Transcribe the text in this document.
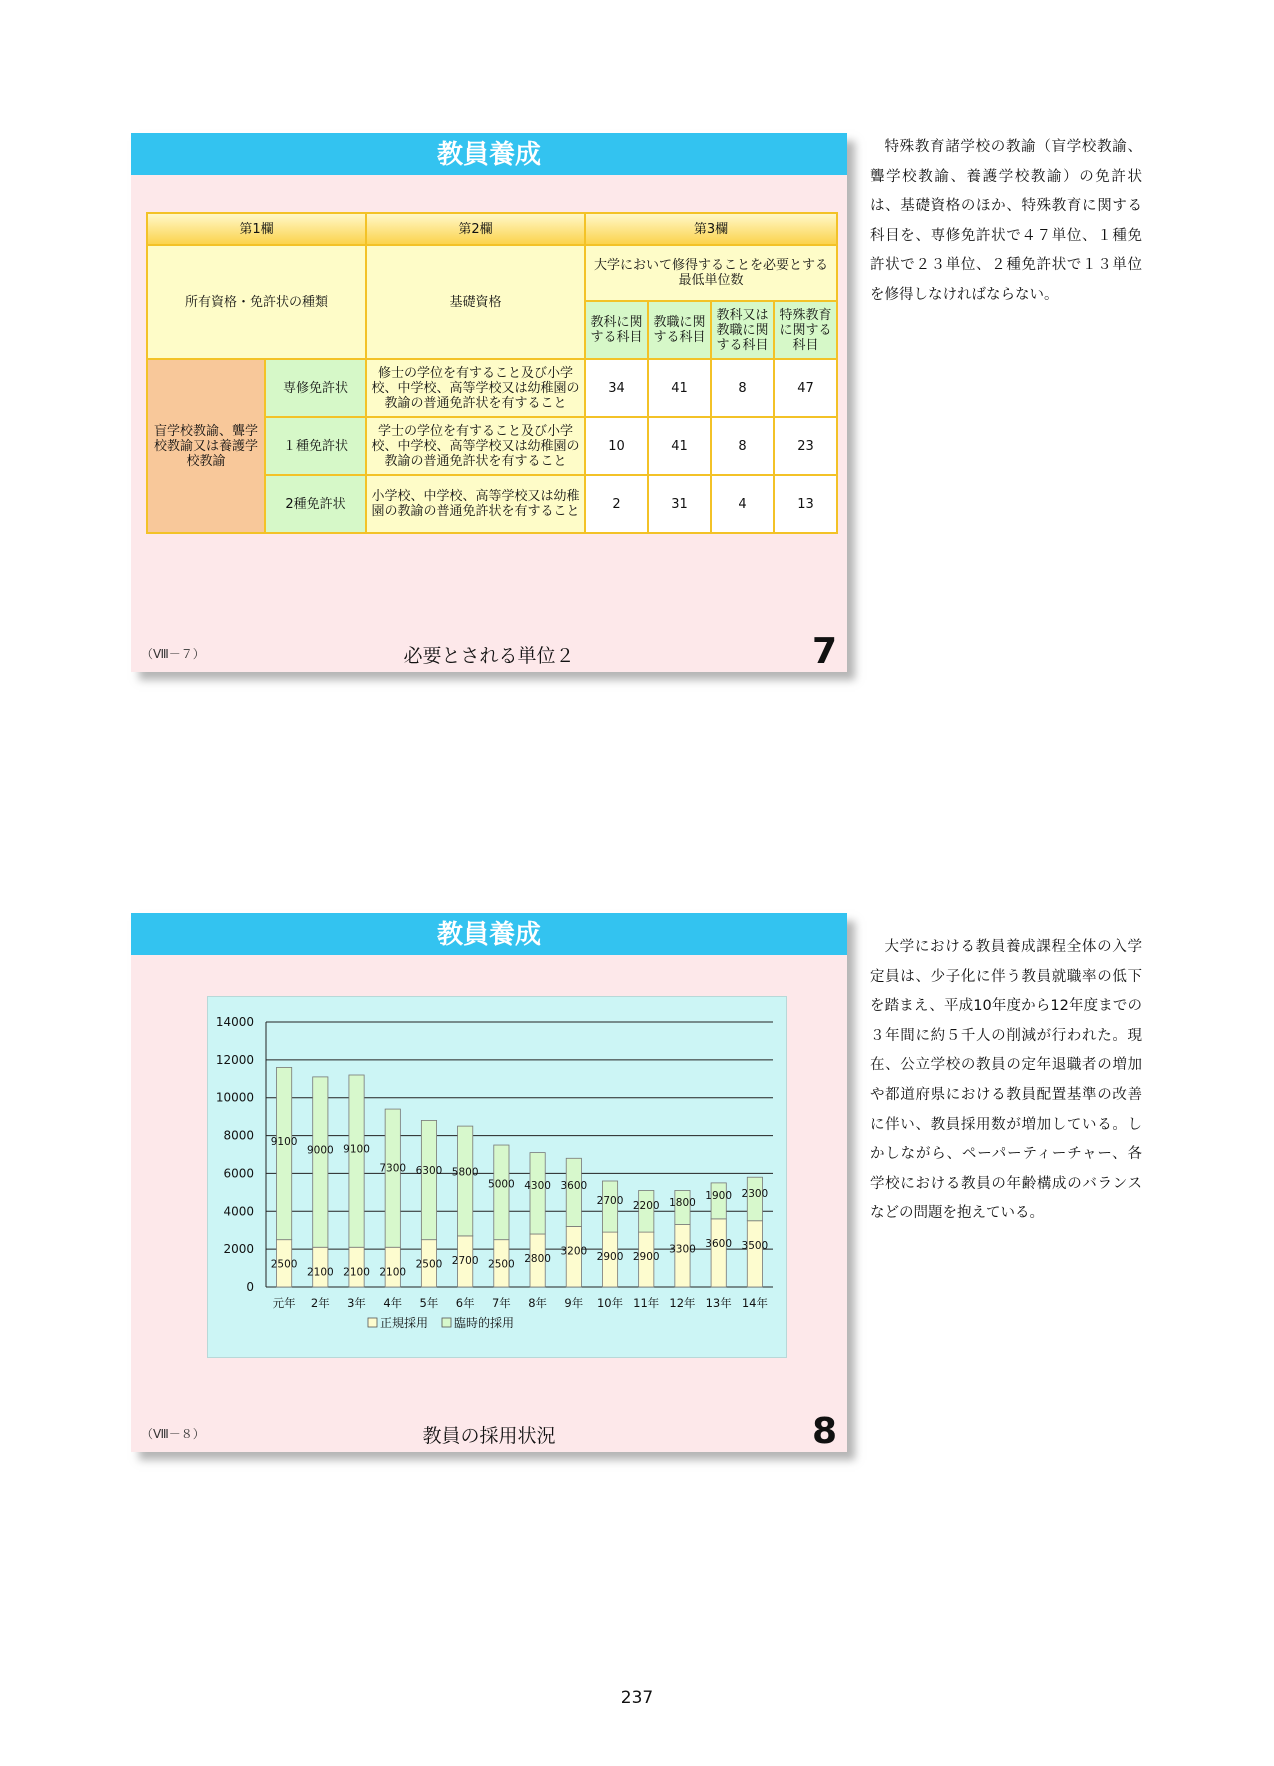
教員養成
第1欄		第2欄	第3欄			
所有資格・免許状の種類		基礎資格	大学において修得することを必要とする最低単位数			
			教科に関する科目	教職に関する科目	教科又は教職に関する科目	特殊教育に関する科目
盲学校教諭、聾学校教諭又は養護学校教諭	専修免許状	修士の学位を有すること及び小学校、中学校、高等学校又は幼稚園の教諭の普通免許状を有すること	34	41	8	47
	１種免許状	学士の学位を有すること及び小学校、中学校、高等学校又は幼稚園の教諭の普通免許状を有すること	10	41	8	23
	2種免許状	小学校、中学校、高等学校又は幼稚園の教諭の普通免許状を有すること	2	31	4	13
（Ⅷ－７）	必要とされる単位２	7

特殊教育諸学校の教諭（盲学校教諭、聾学校教諭、養護学校教諭）の免許状は、基礎資格のほか、特殊教育に関する科目を、専修免許状で４７単位、１種免許状で２３単位、２種免許状で１３単位を修得しなければならない。

教員養成
0
2000
4000
6000
8000
10000
12000
14000
2500
9100
元年
2100
9000
2年
2100
9100
3年
2100
7300
4年
2500
6300
5年
2700
5800
6年
2500
5000
7年
2800
4300
8年
3200
3600
9年
2900
2700
10年
2900
2200
11年
3300
1800
12年
3600
1900
13年
3500
2300
14年
正規採用 臨時的採用
（Ⅷ－８）	教員の採用状況	8

大学における教員養成課程全体の入学定員は、少子化に伴う教員就職率の低下を踏まえ、平成10年度から12年度までの３年間に約５千人の削減が行われた。現在、公立学校の教員の定年退職者の増加や都道府県における教員配置基準の改善に伴い、教員採用数が増加している。しかしながら、ペーパーティーチャー、各学校における教員の年齢構成のバランスなどの問題を抱えている。

237
